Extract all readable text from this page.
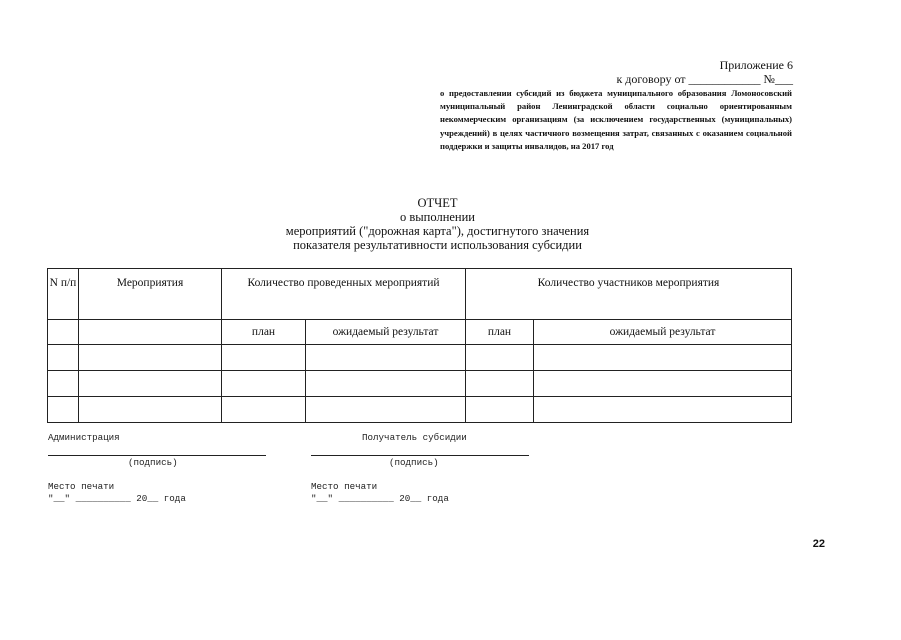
Приложение 6
к договору от ____________ №___
о предоставлении субсидий из бюджета муниципального образования Ломоносовский муниципальный район Ленинградской области социально ориентированным некоммерческим организациям (за исключением государственных (муниципальных) учреждений) в целях частичного возмещения затрат, связанных с оказанием социальной поддержки и защиты инвалидов, на 2017 год
ОТЧЕТ
о выполнении
мероприятий ("дорожная карта"), достигнутого значения
показателя результативности использования субсидии
N п/п	Мероприятия	Количество проведенных мероприятий		Количество участников мероприятия	
		план	ожидаемый результат	план	ожидаемый результат

Администрация
(подпись)
Место печати
"__" __________ 20__ года
Получатель субсидии
(подпись)
Место печати
"__" __________ 20__ года
22
